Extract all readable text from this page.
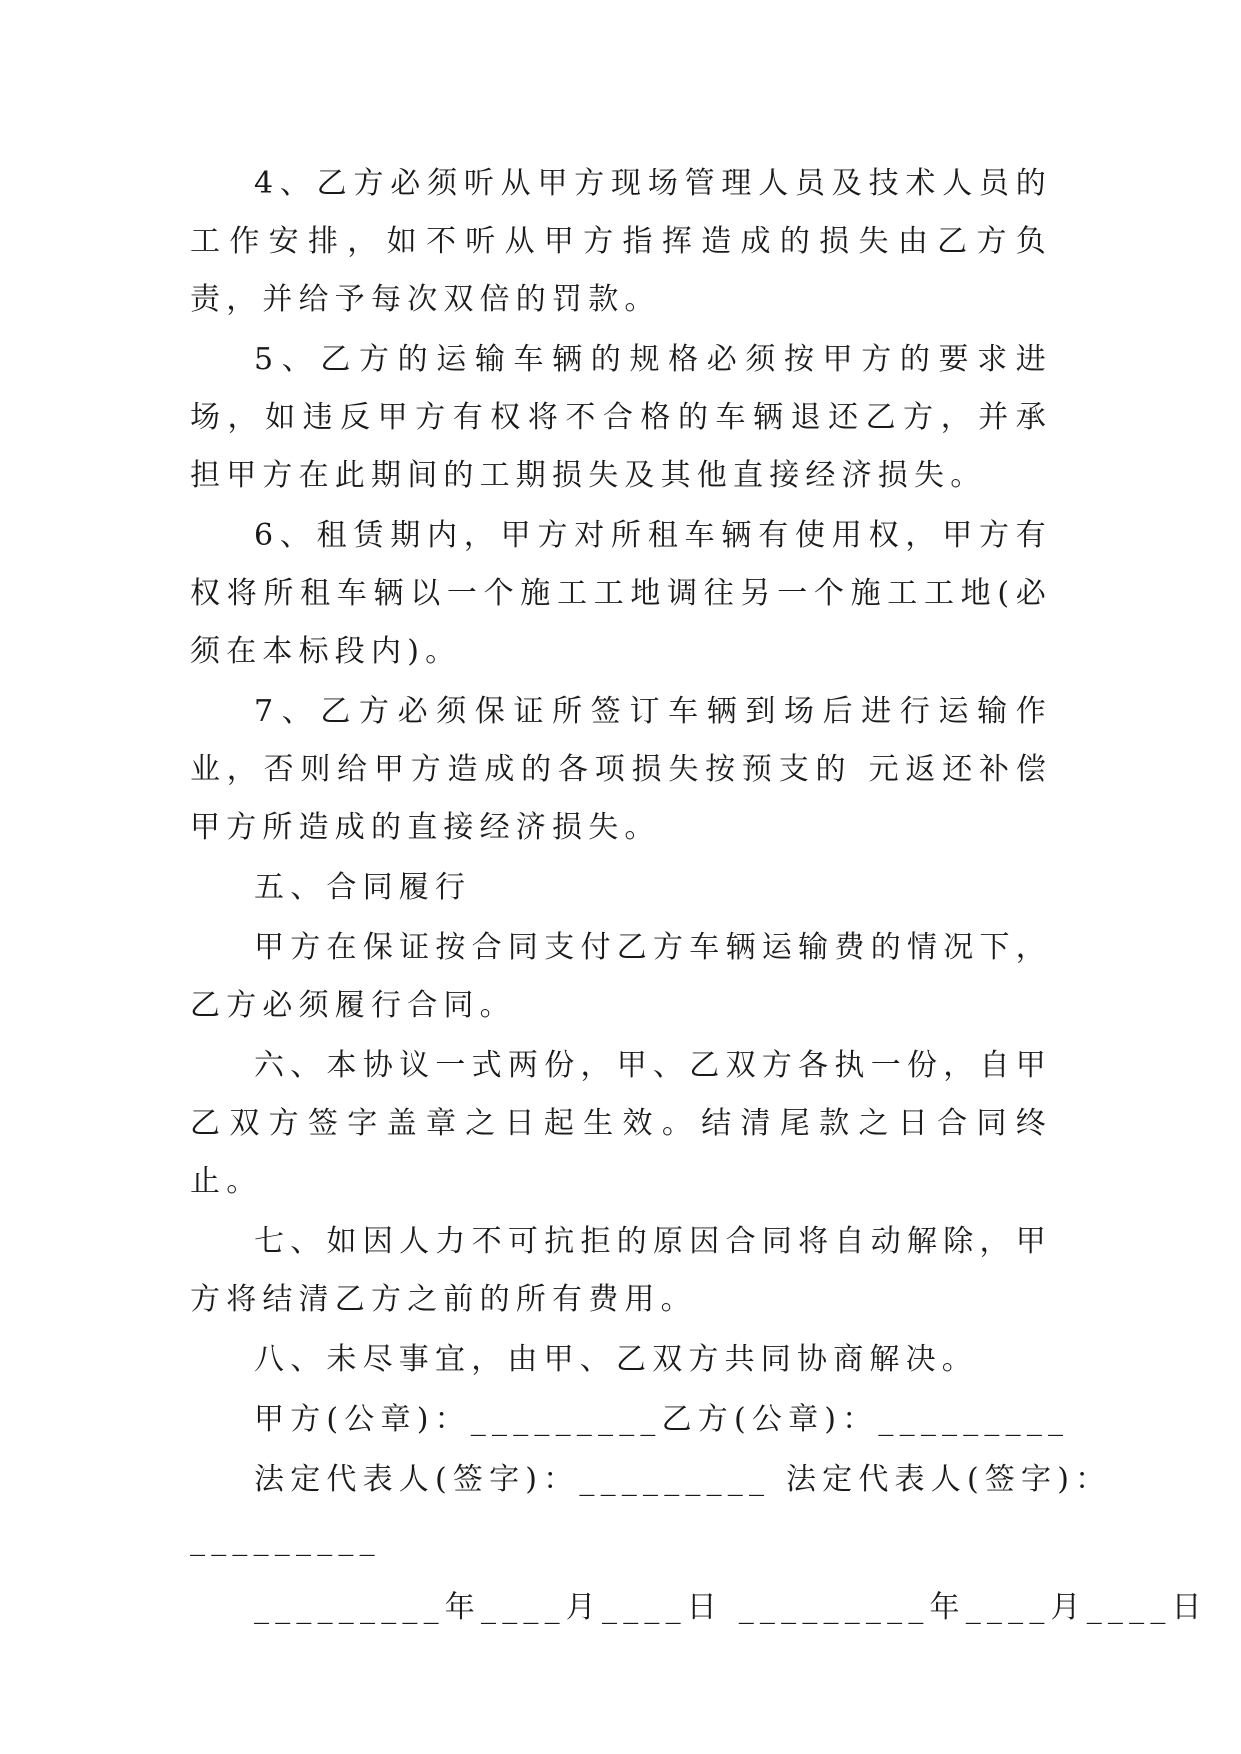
4、乙方必须听从甲方现场管理人员及技术人员的工作安排，如不听从甲方指挥造成的损失由乙方负责，并给予每次双倍的罚款。

5、乙方的运输车辆的规格必须按甲方的要求进场，如违反甲方有权将不合格的车辆退还乙方，并承担甲方在此期间的工期损失及其他直接经济损失。

6、租赁期内，甲方对所租车辆有使用权，甲方有权将所租车辆以一个施工工地调往另一个施工工地(必须在本标段内)。

7、乙方必须保证所签订车辆到场后进行运输作业，否则给甲方造成的各项损失按预支的 元返还补偿甲方所造成的直接经济损失。

五、合同履行

甲方在保证按合同支付乙方车辆运输费的情况下，乙方必须履行合同。

六、本协议一式两份，甲、乙双方各执一份，自甲乙双方签字盖章之日起生效。结清尾款之日合同终止。

七、如因人力不可抗拒的原因合同将自动解除，甲方将结清乙方之前的所有费用。

八、未尽事宜，由甲、乙双方共同协商解决。

甲方(公章)：_________乙方(公章)：_________
法定代表人(签字)：_________ 法定代表人(签字)：
_________
_________年____月____日 _________年____月____日
